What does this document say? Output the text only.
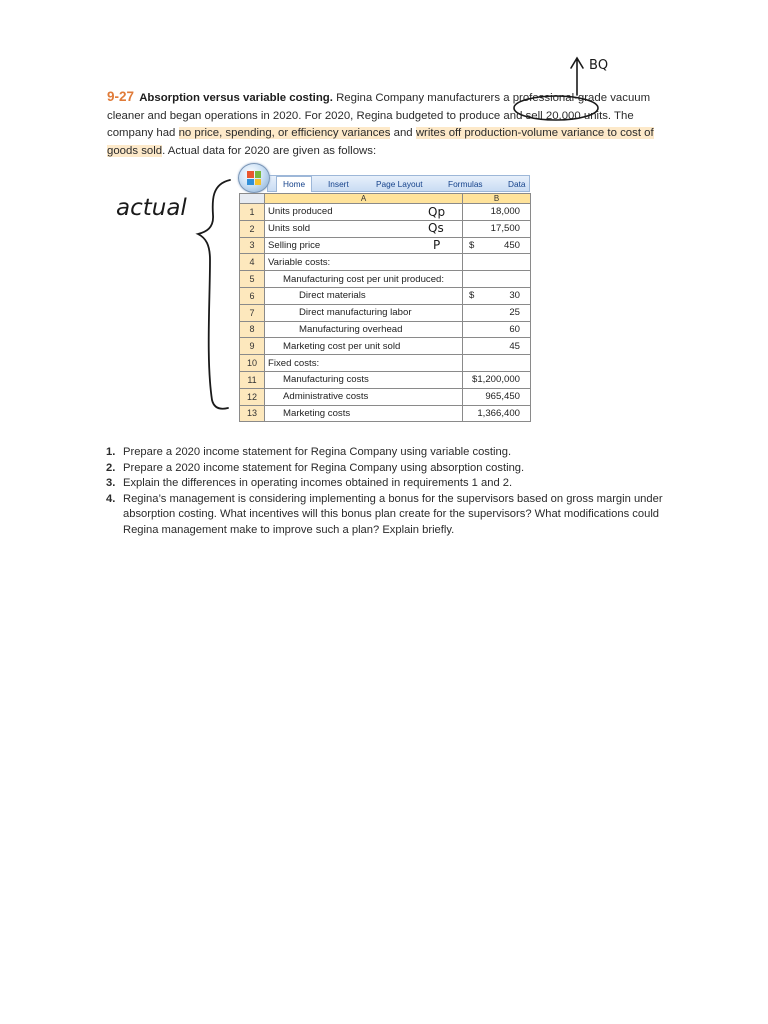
9-27 Absorption versus variable costing. Regina Company manufacturers a professional-grade vacuum cleaner and began operations in 2020. For 2020, Regina budgeted to produce and sell 20,000 units. The company had no price, spending, or efficiency variances and writes off production-volume variance to cost of goods sold. Actual data for 2020 are given as follows:
Home	Insert	Page Layout	Formulas	Data
	A	B
1	Units produced	18,000
2	Units sold	17,500
3	Selling price	$ 450
4	Variable costs:	

5	Manufacturing cost per unit produced:	

6	Direct materials	$ 30
7	Direct manufacturing labor	25
8	Manufacturing overhead	60
9	Marketing cost per unit sold	45
10	Fixed costs:	

11	Manufacturing costs	$1,200,000
12	Administrative costs	965,450
13	Marketing costs	1,366,400
1. Prepare a 2020 income statement for Regina Company using variable costing.
2. Prepare a 2020 income statement for Regina Company using absorption costing.
3. Explain the differences in operating incomes obtained in requirements 1 and 2.
4. Regina’s management is considering implementing a bonus for the supervisors based on gross margin under absorption costing. What incentives will this bonus plan create for the supervisors? What modifications could Regina management make to improve such a plan? Explain briefly.
BQ
actual	Qp
Qs
P
